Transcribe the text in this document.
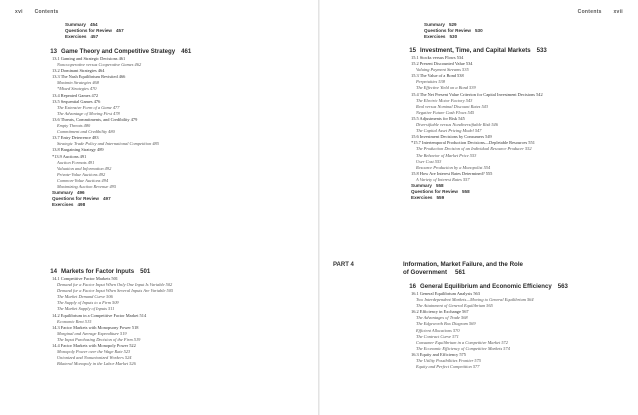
xvi Contents
Summary 454
Questions for Review 457
Exercises 457
13 Game Theory and Competitive Strategy 461
13.1 Gaming and Strategic Decisions 461
Noncooperative versus Cooperative Games 462
13.2 Dominant Strategies 464
13.3 The Nash Equilibrium Revisited 466
Maximin Strategies 468
*Mixed Strategies 470
13.4 Repeated Games 472
13.5 Sequential Games 476
The Extensive Form of a Game 477
The Advantage of Moving First 478
13.6 Threats, Commitments, and Credibility 479
Empty Threats 480
Commitment and Credibility 480
13.7 Entry Deterrence 483
Strategic Trade Policy and International Competition 485
13.8 Bargaining Strategy 489
*13.9 Auctions 491
Auction Formats 491
Valuation and Information 492
Private-Value Auctions 492
Common-Value Auctions 494
Maximizing Auction Revenue 495
Summary 496
Questions for Review 497
Exercises 498
14 Markets for Factor Inputs 501
14.1 Competitive Factor Markets 501
Demand for a Factor Input When Only One Input Is Variable 502
Demand for a Factor Input When Several Inputs Are Variable 505
The Market Demand Curve 506
The Supply of Inputs to a Firm 509
The Market Supply of Inputs 511
14.2 Equilibrium in a Competitive Factor Market 514
Economic Rent 515
14.3 Factor Markets with Monopsony Power 518
Marginal and Average Expenditure 519
The Input Purchasing Decision of the Firm 519
14.4 Factor Markets with Monopoly Power 522
Monopoly Power over the Wage Rate 523
Unionized and Nonunionized Workers 524
Bilateral Monopoly in the Labor Market 526
Contents xvii
Summary 529
Questions for Review 530
Exercises 530
15 Investment, Time, and Capital Markets 533
15.1 Stocks versus Flows 534
15.2 Present Discounted Value 534
Valuing Payment Streams 535
15.3 The Value of a Bond 538
Perpetuities 538
The Effective Yield on a Bond 539
15.4 The Net Present Value Criterion for Capital Investment Decisions 542
The Electric Motor Factory 543
Real versus Nominal Discount Rates 543
Negative Future Cash Flows 545
15.5 Adjustments for Risk 545
Diversifiable versus Nondiversifiable Risk 546
The Capital Asset Pricing Model 547
15.6 Investment Decisions by Consumers 549
*15.7 Intertemporal Production Decisions—Depletable Resources 551
The Production Decision of an Individual Resource Producer 552
The Behavior of Market Price 553
User Cost 553
Resource Production by a Monopolist 554
15.8 How Are Interest Rates Determined? 555
A Variety of Interest Rates 557
Summary 558
Questions for Review 558
Exercises 559
16 General Equilibrium and Economic Efficiency 563
16.1 General Equilibrium Analysis 563
Two Interdependent Markets—Moving to General Equilibrium 564
The Attainment of General Equilibrium 565
16.2 Efficiency in Exchange 567
The Advantages of Trade 568
The Edgeworth Box Diagram 569
Efficient Allocations 570
The Contract Curve 571
Consumer Equilibrium in a Competitive Market 572
The Economic Efficiency of Competitive Markets 574
16.3 Equity and Efficiency 575
The Utility Possibilities Frontier 575
Equity and Perfect Competition 577
PART 4	Information, Market Failure, and the Role
of Government 561
